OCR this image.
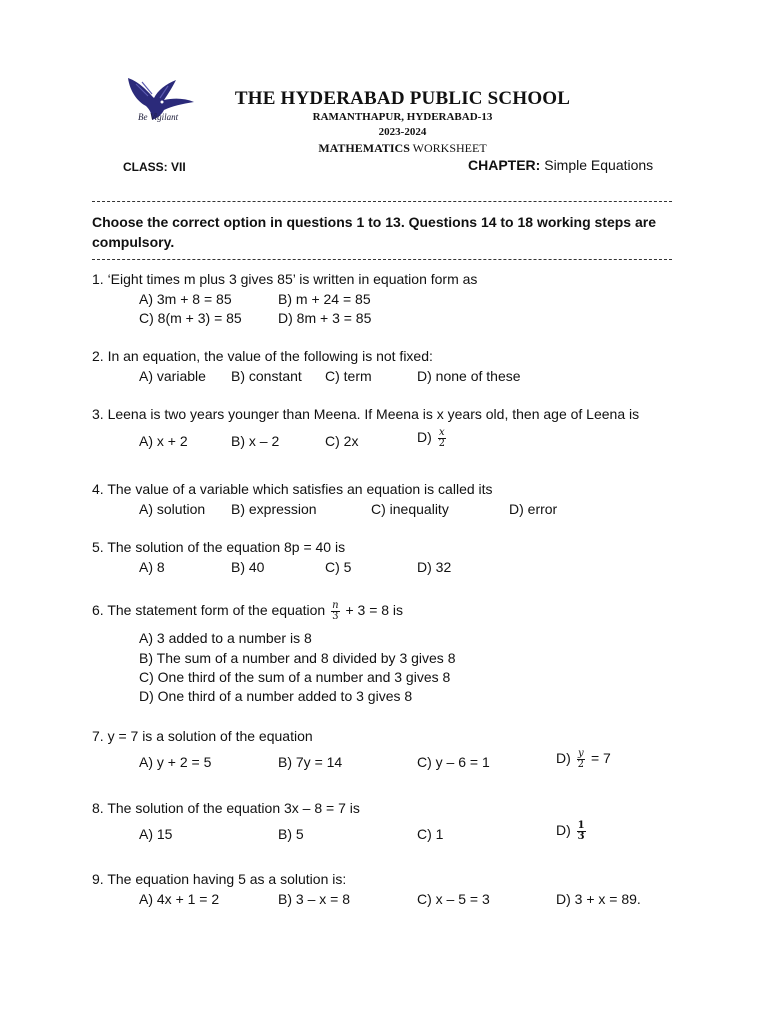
Be Vigilant
THE HYDERABAD PUBLIC SCHOOL
RAMANTHAPUR, HYDERABAD-13
2023-2024
MATHEMATICS WORKSHEET
CLASS: VII	CHAPTER: Simple Equations
Choose the correct option in questions 1 to 13. Questions 14 to 18 working steps are compulsory.
1. ‘Eight times m plus 3 gives 85’ is written in equation form as
A) 3m + 8 = 85	B) m + 24 = 85
C) 8(m + 3) = 85	D) 8m + 3 = 85
2. In an equation, the value of the following is not fixed:
A) variable B) constant C) term	D) none of these
3. Leena is two years younger than Meena. If Meena is x years old, then age of Leena is
A) x + 2	B) x – 2	C) 2x	$D) \frac{x}{2}$
4. The value of a variable which satisfies an equation is called its
A) solution B) expression	C) inequality	D) error
5. The solution of the equation 8p = 40 is
A) 8	B) 40	C) 5	D) 32
6. The statement form of the equation $\frac{n}{3} + 3 = 8$ is
A) 3 added to a number is 8
B) The sum of a number and 8 divided by 3 gives 8
C) One third of the sum of a number and 3 gives 8
D) One third of a number added to 3 gives 8
7. y = 7 is a solution of the equation
A) y + 2 = 5	B) 7y = 14	C) y – 6 = 1	$D) \frac{y}{2} = 7$
8. The solution of the equation 3x – 8 = 7 is
A) 15	B) 5	C) 1	$D) \frac{1}{3}$
9. The equation having 5 as a solution is:
A) 4x + 1 = 2	B) 3 – x = 8	C) x – 5 = 3	D) 3 + x = 89.
